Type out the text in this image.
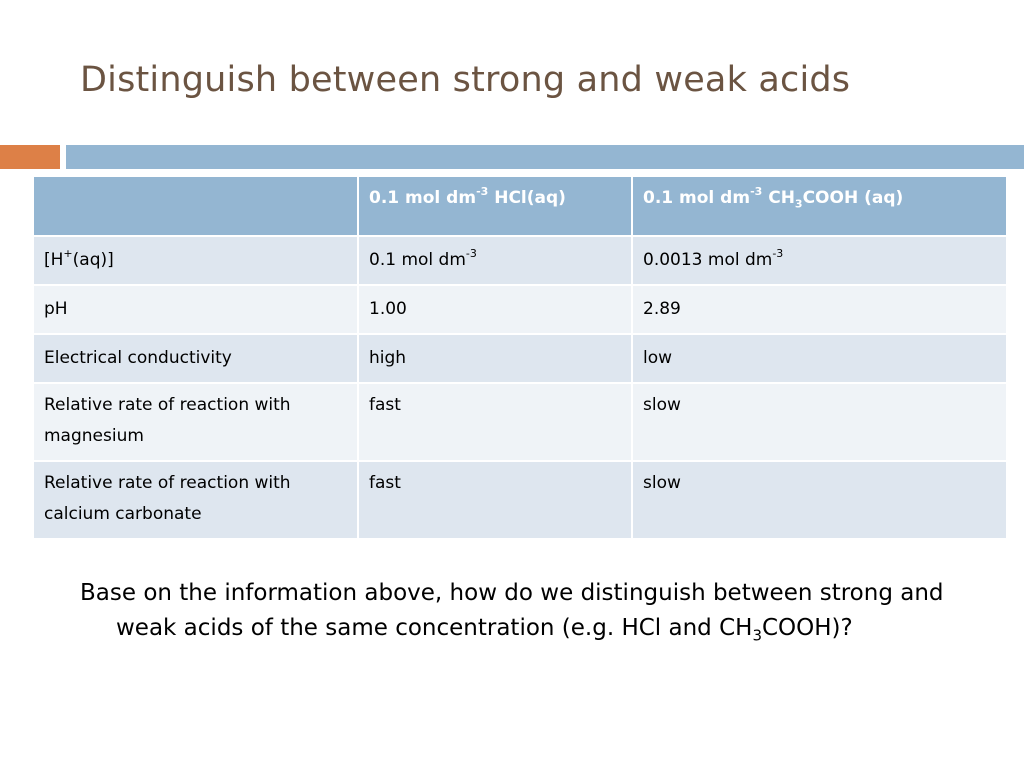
Distinguish between strong and weak acids
	0.1 mol $dm^{-3}$ HCl(aq)	0.1 mol $dm^{-3}$ $CH_3COOH$ (aq)
[H+(aq)]	0.1 mol $dm^{-3}$	0.0013 mol $dm^{-3}$
pH	1.00	2.89
Electrical conductivity	high	low
Relative rate of reaction with magnesium	fast	slow
Relative rate of reaction with calcium carbonate	fast	slow

Base on the information above, how do we distinguish between strong and weak acids of the same concentration (e.g. HCl and $CH_3COOH$)?
